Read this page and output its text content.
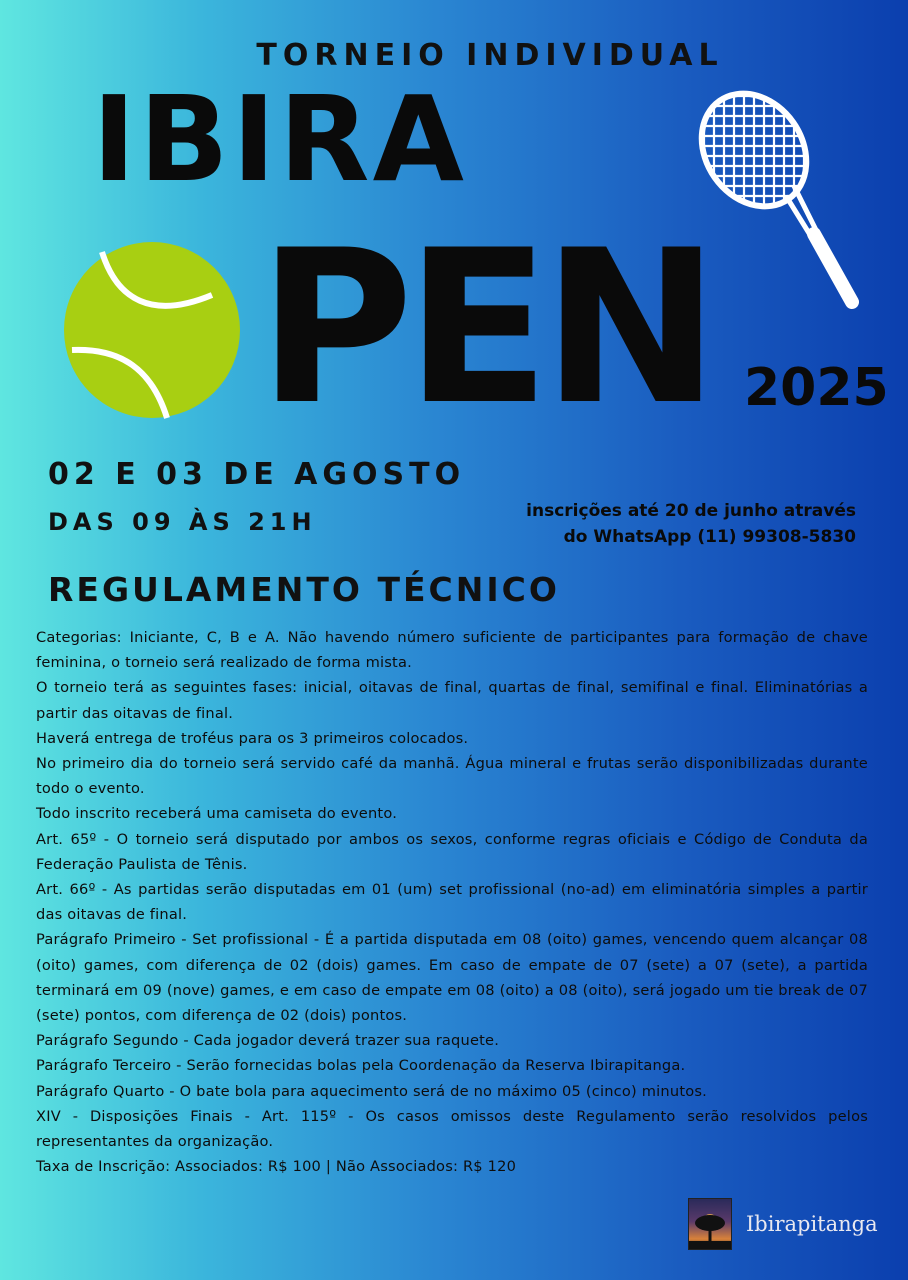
TORNEIO INDIVIDUAL
IBIRA
PEN 2025
02 E 03 DE AGOSTO
DAS 09 ÀS 21H	inscrições até 20 de junho através
do WhatsApp (11) 99308-5830
REGULAMENTO TÉCNICO

Categorias: Iniciante, C, B e A. Não havendo número suficiente de participantes para formação de chave feminina, o torneio será realizado de forma mista.

O torneio terá as seguintes fases: inicial, oitavas de final, quartas de final, semifinal e final. Eliminatórias a partir das oitavas de final.

Haverá entrega de troféus para os 3 primeiros colocados.

No primeiro dia do torneio será servido café da manhã. Água mineral e frutas serão disponibilizadas durante todo o evento.

Todo inscrito receberá uma camiseta do evento.

Art. 65º - O torneio será disputado por ambos os sexos, conforme regras oficiais e Código de Conduta da Federação Paulista de Tênis.

Art. 66º - As partidas serão disputadas em 01 (um) set profissional (no-ad) em eliminatória simples a partir das oitavas de final.

Parágrafo Primeiro - Set profissional - É a partida disputada em 08 (oito) games, vencendo quem alcançar 08 (oito) games, com diferença de 02 (dois) games. Em caso de empate de 07 (sete) a 07 (sete), a partida terminará em 09 (nove) games, e em caso de empate em 08 (oito) a 08 (oito), será jogado um tie break de 07 (sete) pontos, com diferença de 02 (dois) pontos.

Parágrafo Segundo - Cada jogador deverá trazer sua raquete.

Parágrafo Terceiro - Serão fornecidas bolas pela Coordenação da Reserva Ibirapitanga.

Parágrafo Quarto - O bate bola para aquecimento será de no máximo 05 (cinco) minutos.

XIV - Disposições Finais - Art. 115º - Os casos omissos deste Regulamento serão resolvidos pelos representantes da organização.

Taxa de Inscrição: Associados: R$ 100 | Não Associados: R$ 120

Ibirapitanga
